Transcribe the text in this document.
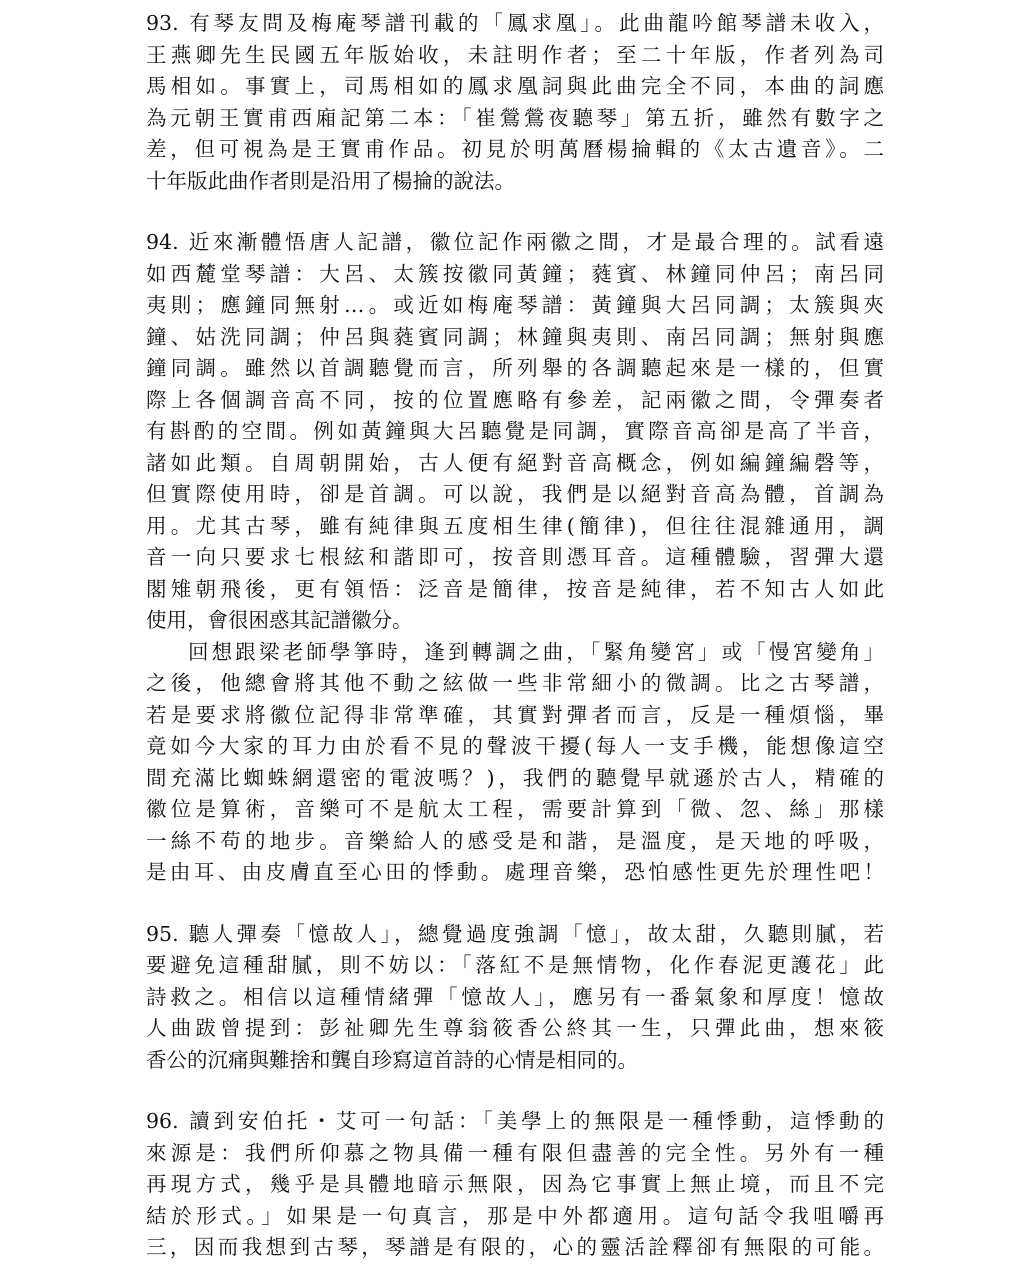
93. 有琴友問及梅庵琴譜刊載的「鳳求凰」。此曲龍吟館琴譜未收入，
王燕卿先生民國五年版始收，未註明作者；至二十年版，作者列為司
馬相如。事實上，司馬相如的鳳求凰詞與此曲完全不同，本曲的詞應
為元朝王實甫西廂記第二本：「崔鶯鶯夜聽琴」第五折，雖然有數字之
差，但可視為是王實甫作品。初見於明萬曆楊掄輯的《太古遺音》。二
十年版此曲作者則是沿用了楊掄的說法。
94. 近來漸體悟唐人記譜，徽位記作兩徽之間，才是最合理的。試看遠
如西麓堂琴譜：大呂、太簇按徽同黃鐘；蕤賓、林鐘同仲呂；南呂同
夷則；應鐘同無射…。或近如梅庵琴譜：黃鐘與大呂同調；太簇與夾
鐘、姑洗同調；仲呂與蕤賓同調；林鐘與夷則、南呂同調；無射與應
鐘同調。雖然以首調聽覺而言，所列舉的各調聽起來是一樣的，但實
際上各個調音高不同，按的位置應略有參差，記兩徽之間，令彈奏者
有斟酌的空間。例如黃鐘與大呂聽覺是同調，實際音高卻是高了半音，
諸如此類。自周朝開始，古人便有絕對音高概念，例如編鐘編磬等，
但實際使用時，卻是首調。可以說，我們是以絕對音高為體，首調為
用。尤其古琴，雖有純律與五度相生律(簡律)，但往往混雜通用，調
音一向只要求七根絃和諧即可，按音則憑耳音。這種體驗，習彈大還
閣雉朝飛後，更有領悟：泛音是簡律，按音是純律，若不知古人如此
使用，會很困惑其記譜徽分。
回想跟梁老師學箏時，逢到轉調之曲，「緊角變宮」或「慢宮變角」
之後，他總會將其他不動之絃做一些非常細小的微調。比之古琴譜，
若是要求將徽位記得非常準確，其實對彈者而言，反是一種煩惱，畢
竟如今大家的耳力由於看不見的聲波干擾(每人一支手機，能想像這空
間充滿比蜘蛛網還密的電波嗎？)，我們的聽覺早就遜於古人，精確的
徽位是算術，音樂可不是航太工程，需要計算到「微、忽、絲」那樣
一絲不苟的地步。音樂給人的感受是和諧，是溫度，是天地的呼吸，
是由耳、由皮膚直至心田的悸動。處理音樂，恐怕感性更先於理性吧！
95. 聽人彈奏「憶故人」，總覺過度強調「憶」，故太甜，久聽則膩，若
要避免這種甜膩，則不妨以：「落紅不是無情物，化作春泥更護花」此
詩救之。相信以這種情緒彈「憶故人」，應另有一番氣象和厚度！憶故
人曲跋曾提到：彭祉卿先生尊翁筱香公終其一生，只彈此曲，想來筱
香公的沉痛與難捨和龔自珍寫這首詩的心情是相同的。
96. 讀到安伯托・艾可一句話：「美學上的無限是一種悸動，這悸動的
來源是：我們所仰慕之物具備一種有限但盡善的完全性。另外有一種
再現方式，幾乎是具體地暗示無限，因為它事實上無止境，而且不完
結於形式。」如果是一句真言，那是中外都適用。這句話令我咀嚼再
三，因而我想到古琴，琴譜是有限的，心的靈活詮釋卻有無限的可能。
